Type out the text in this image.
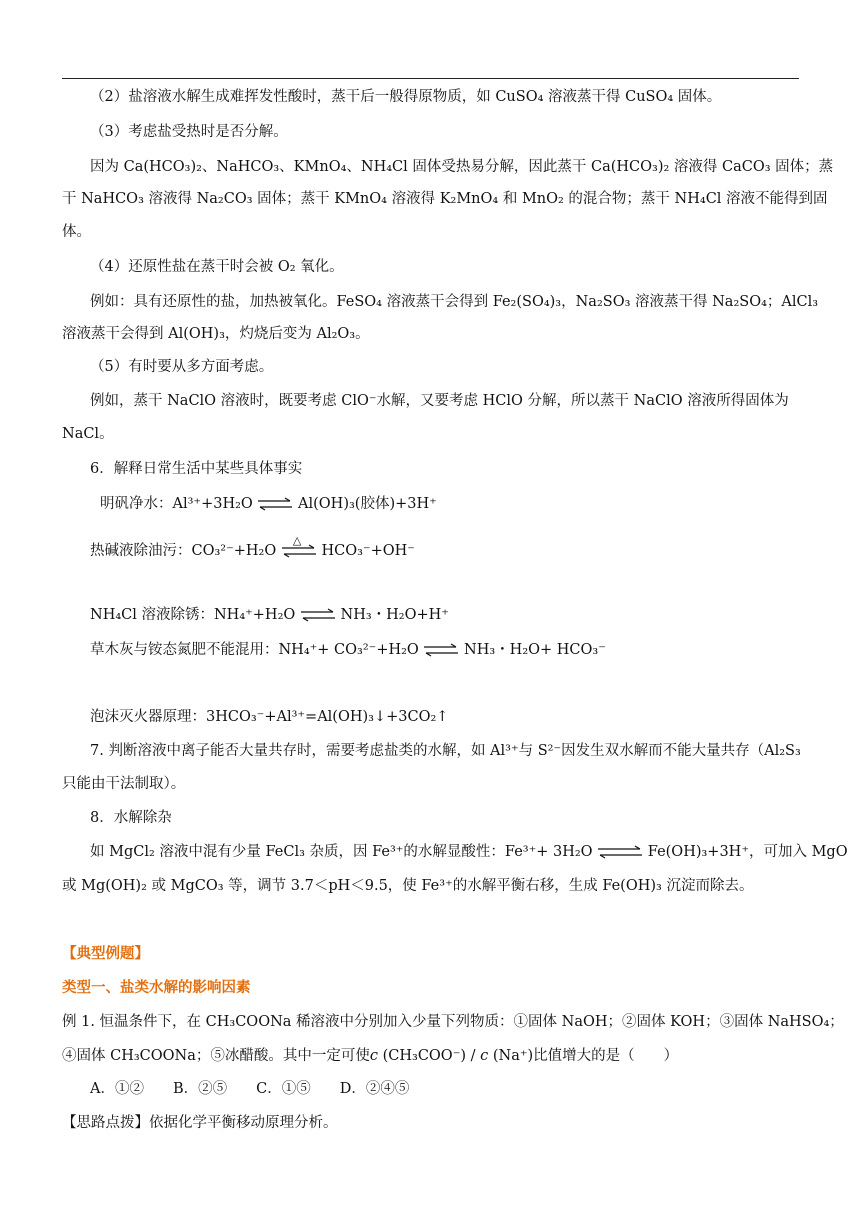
（2）盐溶液水解生成难挥发性酸时，蒸干后一般得原物质，如 CuSO₄ 溶液蒸干得 CuSO₄ 固体。
（3）考虑盐受热时是否分解。
因为 Ca(HCO₃)₂、NaHCO₃、KMnO₄、NH₄Cl 固体受热易分解，因此蒸干 Ca(HCO₃)₂ 溶液得 CaCO₃ 固体；蒸
干 NaHCO₃ 溶液得 Na₂CO₃ 固体；蒸干 KMnO₄ 溶液得 K₂MnO₄ 和 MnO₂ 的混合物；蒸干 NH₄Cl 溶液不能得到固
体。
（4）还原性盐在蒸干时会被 O₂ 氧化。
例如：具有还原性的盐，加热被氧化。FeSO₄ 溶液蒸干会得到 Fe₂(SO₄)₃，Na₂SO₃ 溶液蒸干得 Na₂SO₄；AlCl₃
溶液蒸干会得到 Al(OH)₃，灼烧后变为 Al₂O₃。
（5）有时要从多方面考虑。
例如，蒸干 NaClO 溶液时，既要考虑 ClO⁻水解，又要考虑 HClO 分解，所以蒸干 NaClO 溶液所得固体为
NaCl。
6．解释日常生活中某些具体事实
明矾净水：Al³⁺+3H₂O ⇌ Al(OH)₃(胶体)+3H⁺
热碱液除油污：CO₃²⁻+H₂O
△
HCO₃⁻+OH⁻
NH₄Cl 溶液除锈：NH₄⁺+H₂O ⇌ NH₃・H₂O+H⁺
草木灰与铵态氮肥不能混用：NH₄⁺+ CO₃²⁻+H₂O ⇌ NH₃・H₂O+ HCO₃⁻
泡沫灭火器原理：3HCO₃⁻+Al³⁺=Al(OH)₃↓+3CO₂↑
7. 判断溶液中离子能否大量共存时，需要考虑盐类的水解，如 Al³⁺与 S²⁻因发生双水解而不能大量共存（Al₂S₃
只能由干法制取）。
8．水解除杂
如 MgCl₂ 溶液中混有少量 FeCl₃ 杂质，因 Fe³⁺的水解显酸性：Fe³⁺+ 3H₂O ⇌ Fe(OH)₃+3H⁺，可加入 MgO
或 Mg(OH)₂ 或 MgCO₃ 等，调节 3.7＜pH＜9.5，使 Fe³⁺的水解平衡右移，生成 Fe(OH)₃ 沉淀而除去。
【典型例题】
类型一、盐类水解的影响因素
例 1. 恒温条件下，在 CH₃COONa 稀溶液中分别加入少量下列物质：①固体 NaOH；②固体 KOH；③固体 NaHSO₄；
④固体 CH₃COONa；⑤冰醋酸。其中一定可使c (CH₃COO⁻) / c (Na⁺)比值增大的是（　　）
A．①②　　B．②⑤　　C．①⑤　　D．②④⑤
【思路点拨】依据化学平衡移动原理分析。
